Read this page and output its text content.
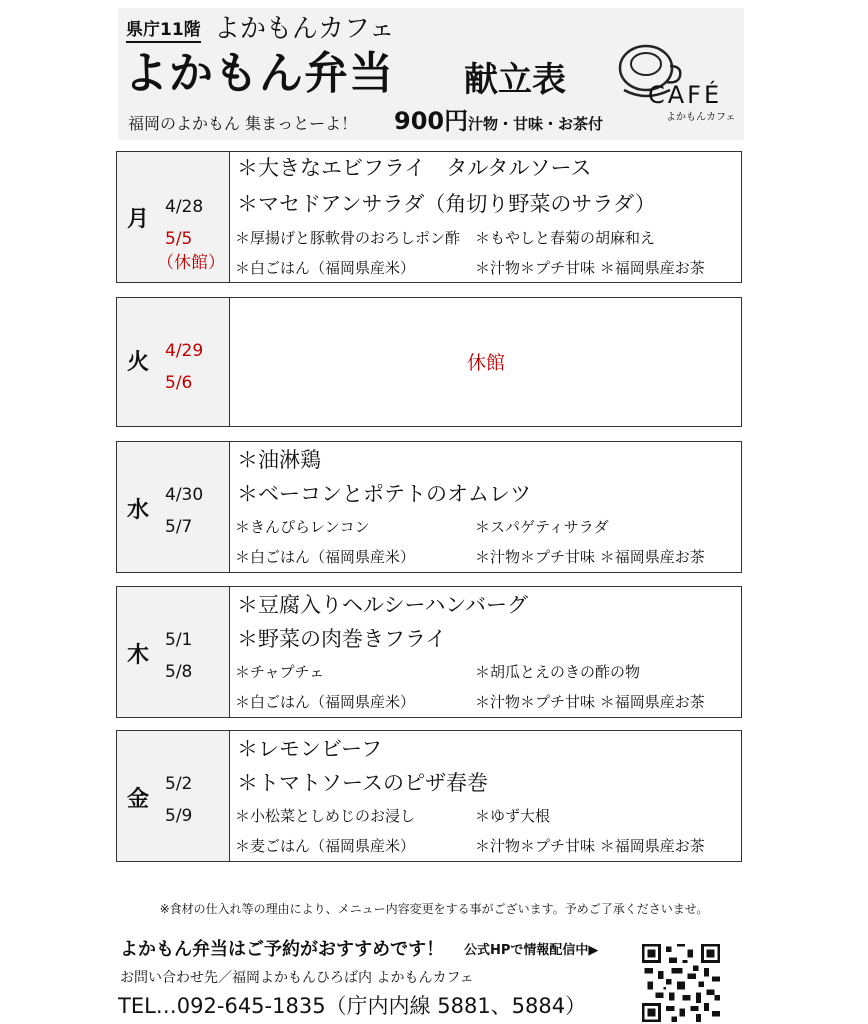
県庁11階 よかもんカフェ
よかもん弁当 献立表
福岡のよかもん 集まっとーよ！ 900円 汁物・甘味・お茶付
CAFÉ
よかもんカフェ
月 4/28
5/5
（休館）
＊大きなエビフライ　タルタルソース
＊マセドアンサラダ（角切り野菜のサラダ）
＊厚揚げと豚軟骨のおろしポン酢 ＊もやしと春菊の胡麻和え
＊白ごはん（福岡県産米）	＊汁物＊プチ甘味 ＊福岡県産お茶
火 4/29
5/6
休館
水
4/30
5/7
＊油淋鶏
＊ベーコンとポテトのオムレツ
＊きんぴらレンコン	＊スパゲティサラダ
＊白ごはん（福岡県産米）	＊汁物＊プチ甘味 ＊福岡県産お茶
木
5/1
5/8
＊豆腐入りヘルシーハンバーグ
＊野菜の肉巻きフライ
＊チャプチェ	＊胡瓜とえのきの酢の物
＊白ごはん（福岡県産米）	＊汁物＊プチ甘味 ＊福岡県産お茶
金
5/2
5/9
＊レモンビーフ
＊トマトソースのピザ春巻
＊小松菜としめじのお浸し	＊ゆず大根
＊麦ごはん（福岡県産米）	＊汁物＊プチ甘味 ＊福岡県産お茶
※食材の仕入れ等の理由により、メニュー内容変更をする事がございます。予めご了承くださいませ。
よかもん弁当はご予約がおすすめです！ 公式HPで情報配信中▶
お問い合わせ先／福岡よかもんひろば内 よかもんカフェ
TEL…092-645-1835（庁内内線 5881、5884）
